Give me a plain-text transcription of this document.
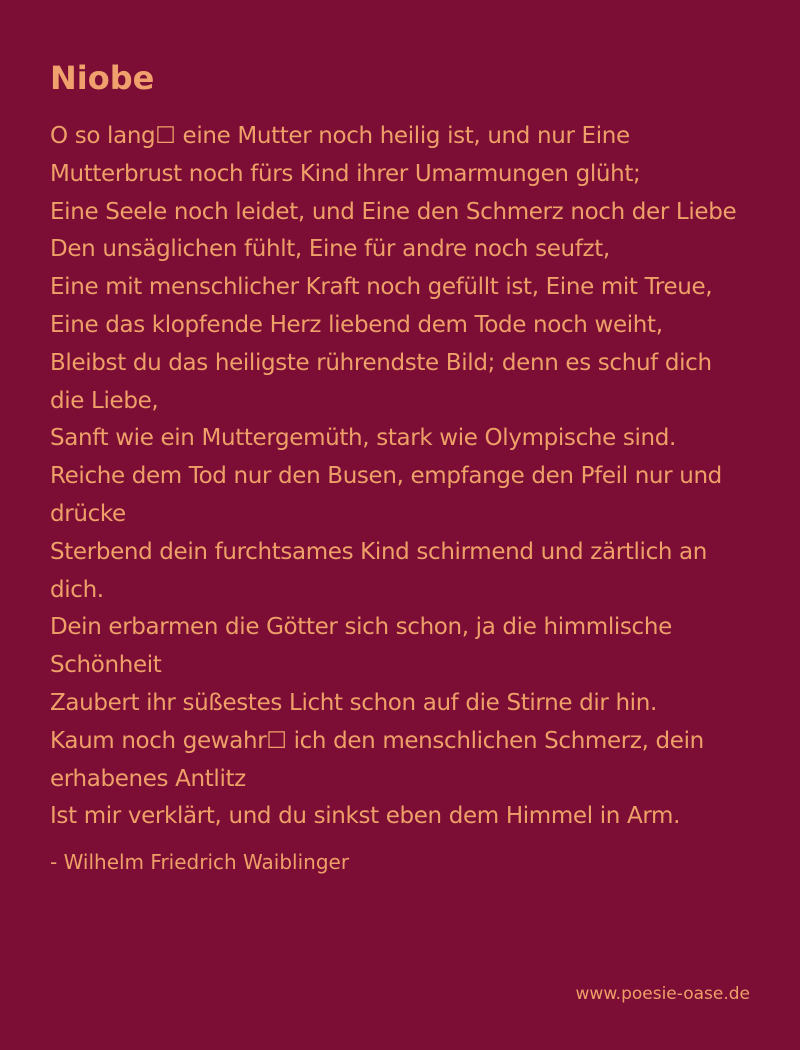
Niobe
O so lang☐ eine Mutter noch heilig ist, und nur Eine
Mutterbrust noch fürs Kind ihrer Umarmungen glüht;
Eine Seele noch leidet, und Eine den Schmerz noch der Liebe
Den unsäglichen fühlt, Eine für andre noch seufzt,
Eine mit menschlicher Kraft noch gefüllt ist, Eine mit Treue,
Eine das klopfende Herz liebend dem Tode noch weiht,
Bleibst du das heiligste rührendste Bild; denn es schuf dich die Liebe,
Sanft wie ein Muttergemüth, stark wie Olympische sind.
Reiche dem Tod nur den Busen, empfange den Pfeil nur und drücke
Sterbend dein furchtsames Kind schirmend und zärtlich an dich.
Dein erbarmen die Götter sich schon, ja die himmlische Schönheit
Zaubert ihr süßestes Licht schon auf die Stirne dir hin.
Kaum noch gewahr☐ ich den menschlichen Schmerz, dein erhabenes Antlitz
Ist mir verklärt, und du sinkst eben dem Himmel in Arm.
- Wilhelm Friedrich Waiblinger
www.poesie-oase.de
